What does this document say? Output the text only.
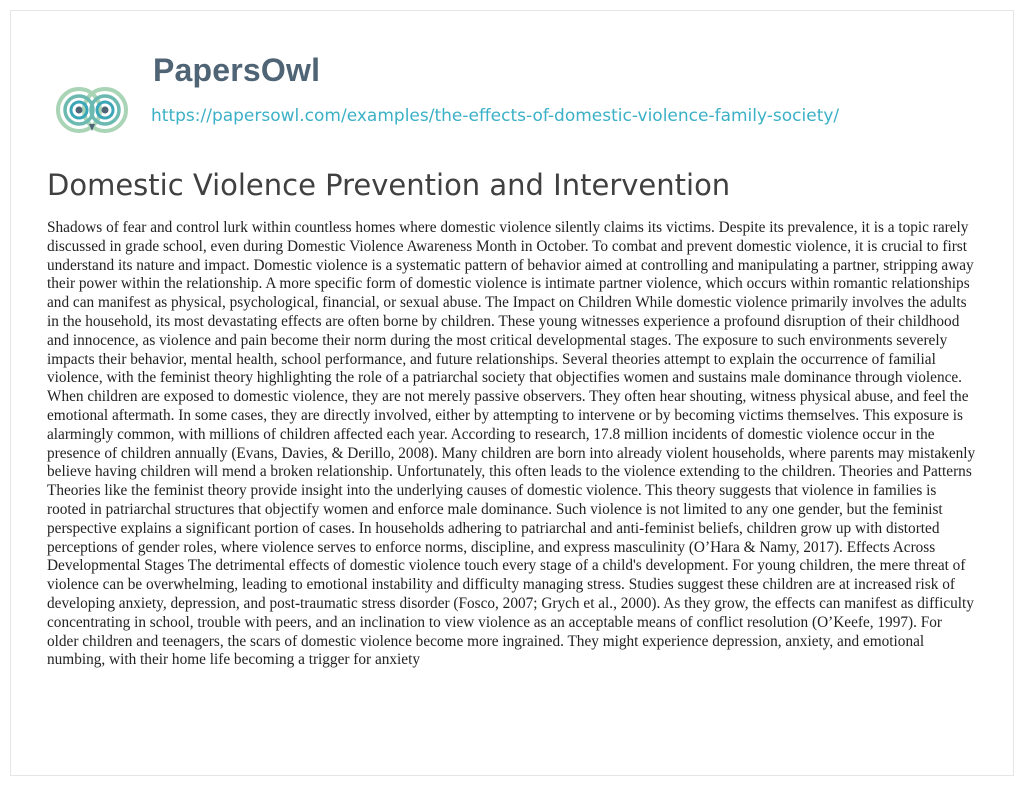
PapersOwl
https://papersowl.com/examples/the-effects-of-domestic-violence-family-society/
Domestic Violence Prevention and Intervention

Shadows of fear and control lurk within countless homes where domestic violence silently claims its victims. Despite its prevalence, it is a topic rarely discussed in grade school, even during Domestic Violence Awareness Month in October. To combat and prevent domestic violence, it is crucial to first understand its nature and impact. Domestic violence is a systematic pattern of behavior aimed at controlling and manipulating a partner, stripping away their power within the relationship. A more specific form of domestic violence is intimate partner violence, which occurs within romantic relationships and can manifest as physical, psychological, financial, or sexual abuse. The Impact on Children While domestic violence primarily involves the adults in the household, its most devastating effects are often borne by children. These young witnesses experience a profound disruption of their childhood and innocence, as violence and pain become their norm during the most critical developmental stages. The exposure to such environments severely impacts their behavior, mental health, school performance, and future relationships. Several theories attempt to explain the occurrence of familial violence, with the feminist theory highlighting the role of a patriarchal society that objectifies women and sustains male dominance through violence. When children are exposed to domestic violence, they are not merely passive observers. They often hear shouting, witness physical abuse, and feel the emotional aftermath. In some cases, they are directly involved, either by attempting to intervene or by becoming victims themselves. This exposure is alarmingly common, with millions of children affected each year. According to research, 17.8 million incidents of domestic violence occur in the presence of children annually (Evans, Davies, & Derillo, 2008). Many children are born into already violent households, where parents may mistakenly believe having children will mend a broken relationship. Unfortunately, this often leads to the violence extending to the children. Theories and Patterns Theories like the feminist theory provide insight into the underlying causes of domestic violence. This theory suggests that violence in families is rooted in patriarchal structures that objectify women and enforce male dominance. Such violence is not limited to any one gender, but the feminist perspective explains a significant portion of cases. In households adhering to patriarchal and anti-feminist beliefs, children grow up with distorted perceptions of gender roles, where violence serves to enforce norms, discipline, and express masculinity (O’Hara & Namy, 2017). Effects Across Developmental Stages The detrimental effects of domestic violence touch every stage of a child's development. For young children, the mere threat of violence can be overwhelming, leading to emotional instability and difficulty managing stress. Studies suggest these children are at increased risk of developing anxiety, depression, and post-traumatic stress disorder (Fosco, 2007; Grych et al., 2000). As they grow, the effects can manifest as difficulty concentrating in school, trouble with peers, and an inclination to view violence as an acceptable means of conflict resolution (O’Keefe, 1997). For older children and teenagers, the scars of domestic violence become more ingrained. They might experience depression, anxiety, and emotional numbing, with their home life becoming a trigger for anxiety
